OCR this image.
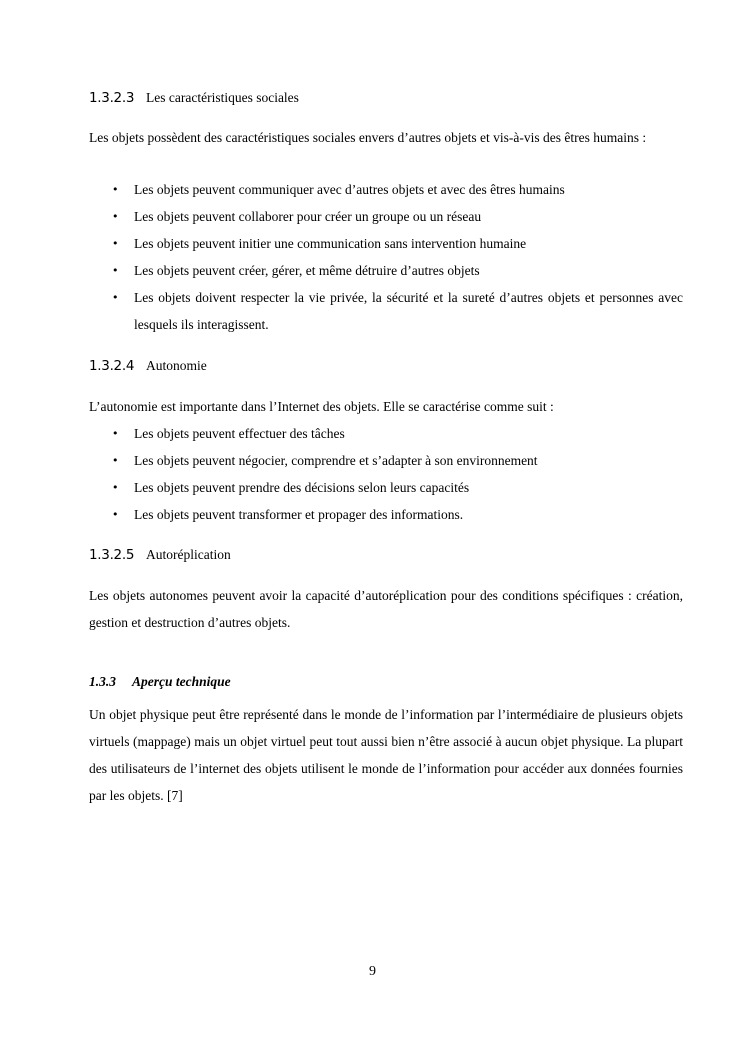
1.3.2.3 Les caractéristiques sociales
Les objets possèdent des caractéristiques sociales envers d’autres objets et vis-à-vis des êtres humains :
• Les objets peuvent communiquer avec d’autres objets et avec des êtres humains
• Les objets peuvent collaborer pour créer un groupe ou un réseau
• Les objets peuvent initier une communication sans intervention humaine
• Les objets peuvent créer, gérer, et même détruire d’autres objets
• Les objets doivent respecter la vie privée, la sécurité et la sureté d’autres objets et personnes avec lesquels ils interagissent.
1.3.2.4 Autonomie
L’autonomie est importante dans l’Internet des objets. Elle se caractérise comme suit :
• Les objets peuvent effectuer des tâches
• Les objets peuvent négocier, comprendre et s’adapter à son environnement
• Les objets peuvent prendre des décisions selon leurs capacités
• Les objets peuvent transformer et propager des informations.
1.3.2.5 Autoréplication
Les objets autonomes peuvent avoir la capacité d’autoréplication pour des conditions spécifiques : création, gestion et destruction d’autres objets.
1.3.3 Aperçu technique
Un objet physique peut être représenté dans le monde de l’information par l’intermédiaire de plusieurs objets virtuels (mappage) mais un objet virtuel peut tout aussi bien n’être associé à aucun objet physique. La plupart des utilisateurs de l’internet des objets utilisent le monde de l’information pour accéder aux données fournies par les objets. [7]
9
